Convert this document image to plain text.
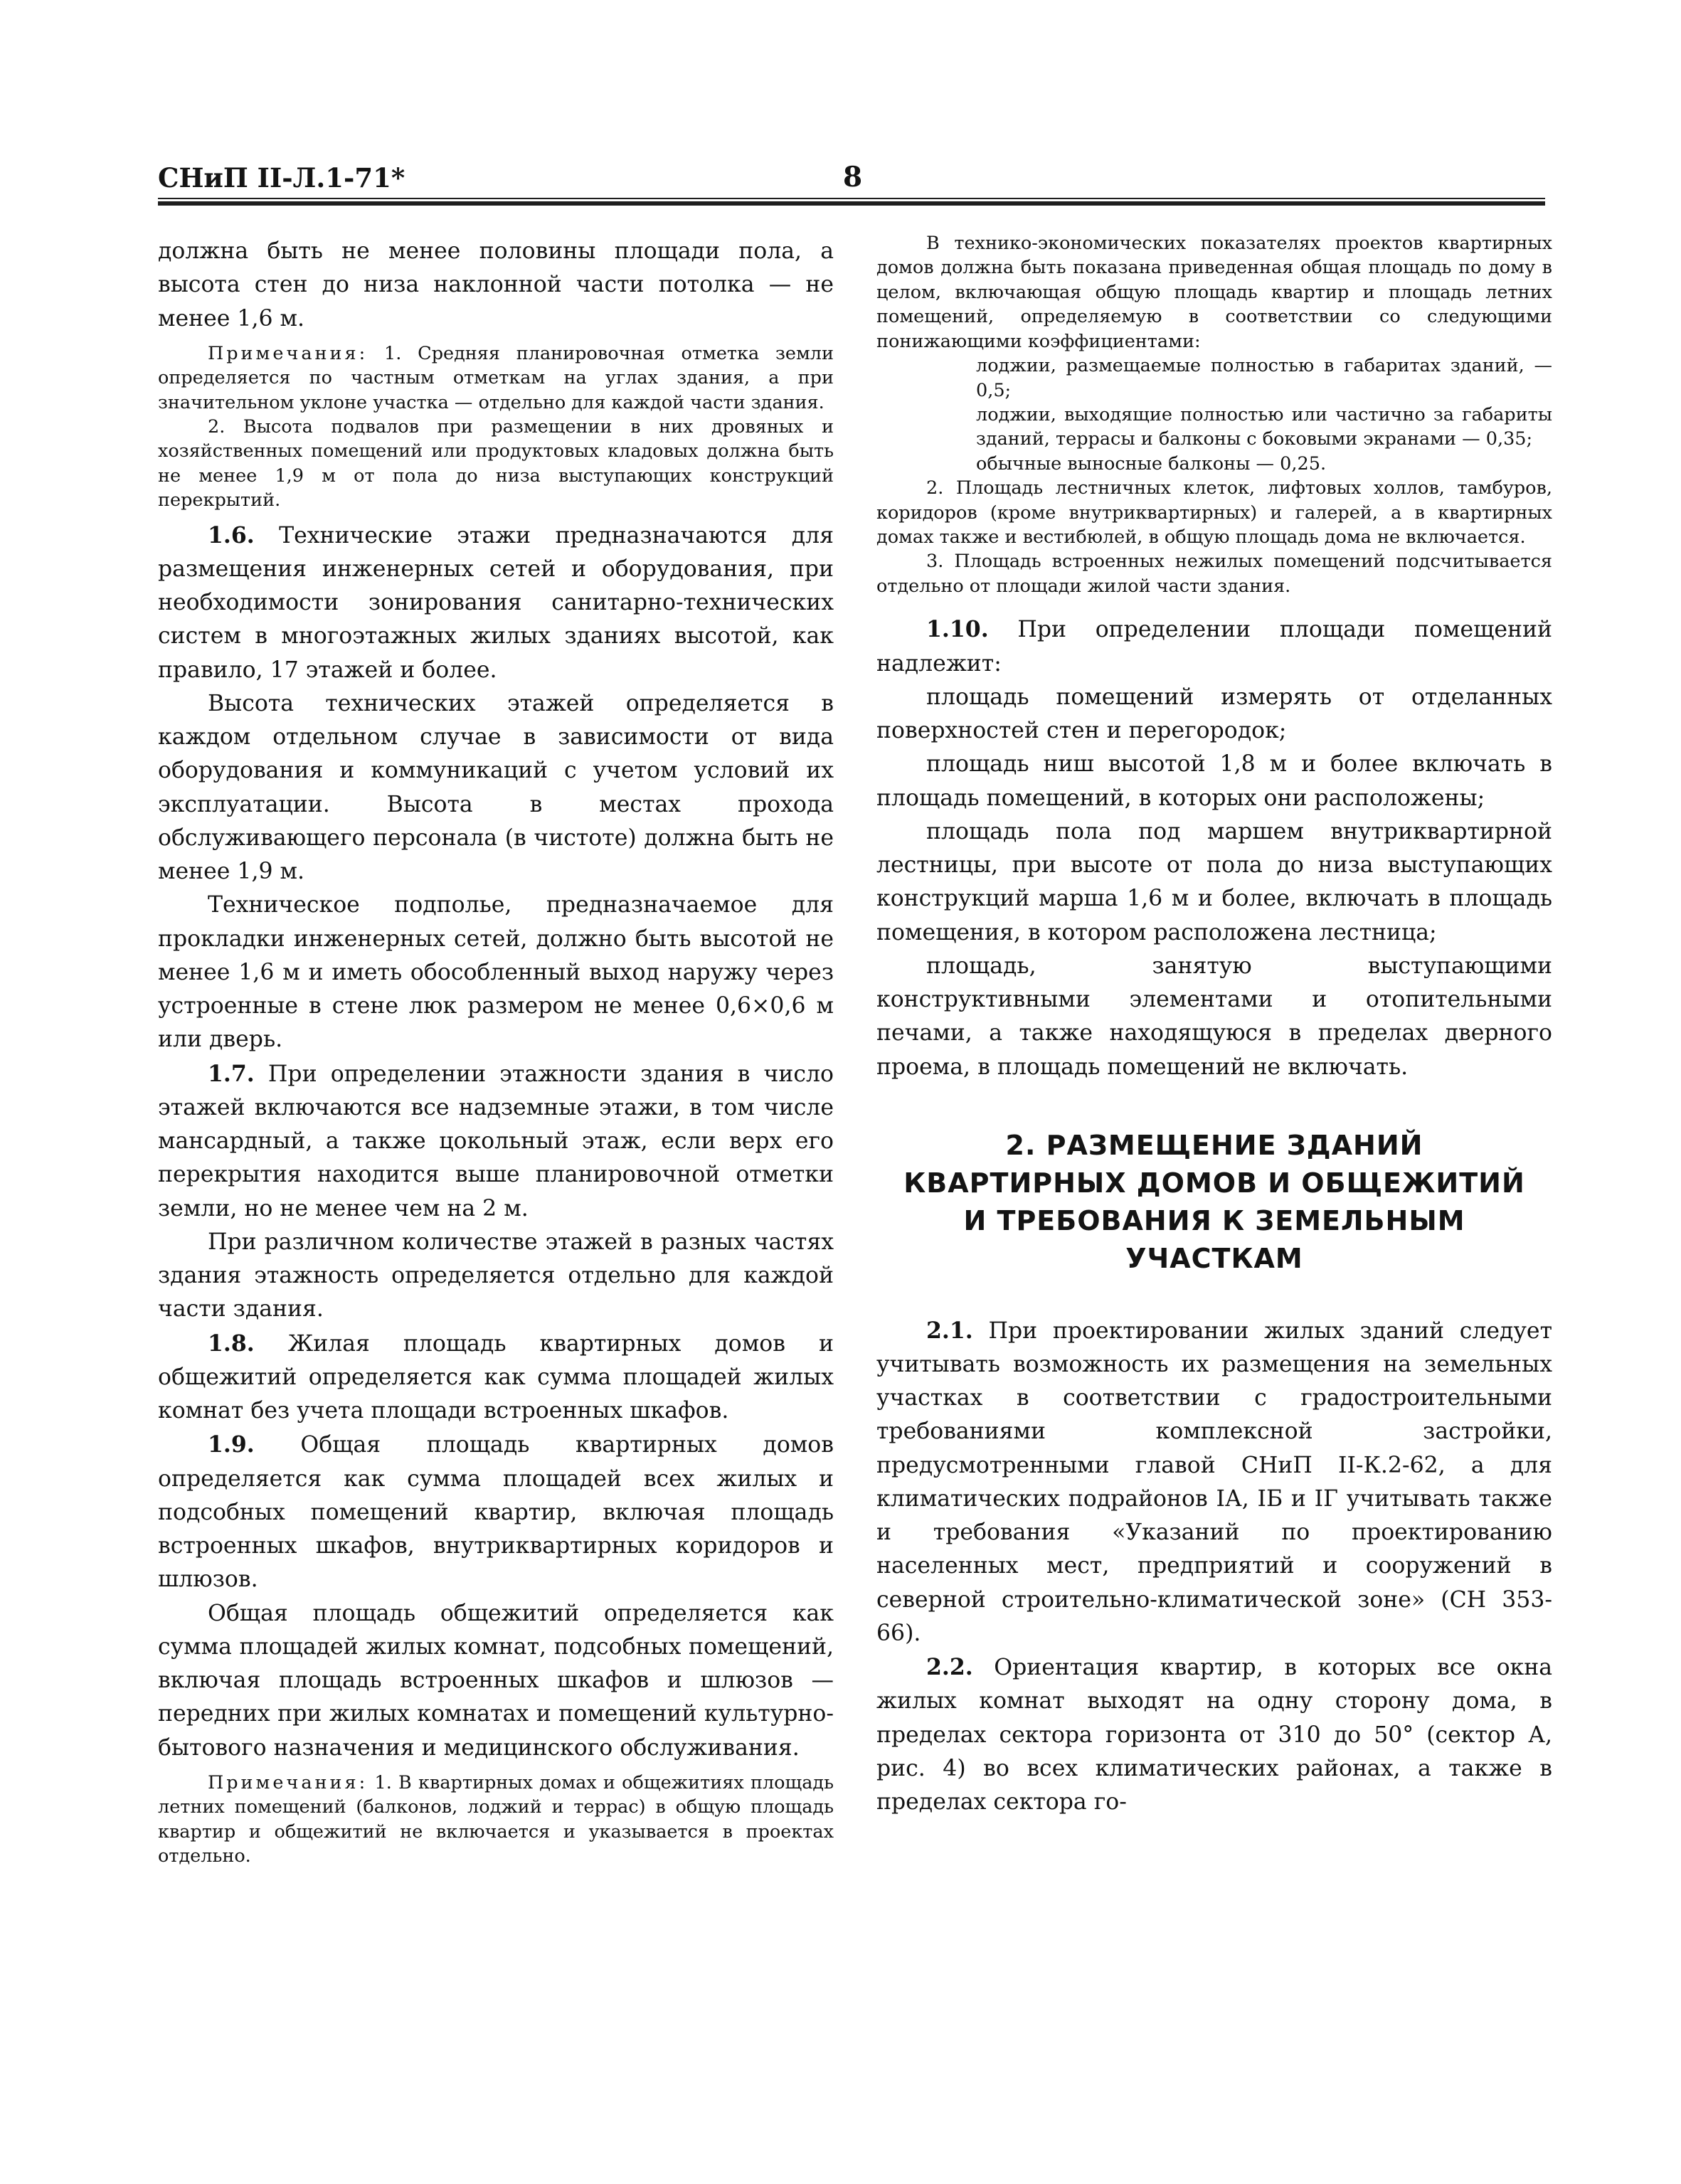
СНиП II-Л.1-71*	8

должна быть не менее половины площади пола, а высота стен до низа наклонной части потолка — не менее 1,6 м.

Примечания: 1. Средняя планировочная отметка земли определяется по частным отметкам на углах здания, а при значительном уклоне участка — отдельно для каждой части здания.

2. Высота подвалов при размещении в них дровяных и хозяйственных помещений или продуктовых кладовых должна быть не менее 1,9 м от пола до низа выступающих конструкций перекрытий.

1.6. Технические этажи предназначаются для размещения инженерных сетей и оборудования, при необходимости зонирования санитарно-технических систем в многоэтажных жилых зданиях высотой, как правило, 17 этажей и более.

Высота технических этажей определяется в каждом отдельном случае в зависимости от вида оборудования и коммуникаций с учетом условий их эксплуатации. Высота в местах прохода обслуживающего персонала (в чистоте) должна быть не менее 1,9 м.

Техническое подполье, предназначаемое для прокладки инженерных сетей, должно быть высотой не менее 1,6 м и иметь обособленный выход наружу через устроенные в стене люк размером не менее 0,6×0,6 м или дверь.

1.7. При определении этажности здания в число этажей включаются все надземные этажи, в том числе мансардный, а также цокольный этаж, если верх его перекрытия находится выше планировочной отметки земли, но не менее чем на 2 м.

При различном количестве этажей в разных частях здания этажность определяется отдельно для каждой части здания.

1.8. Жилая площадь квартирных домов и общежитий определяется как сумма площадей жилых комнат без учета площади встроенных шкафов.

1.9. Общая площадь квартирных домов определяется как сумма площадей всех жилых и подсобных помещений квартир, включая площадь встроенных шкафов, внутриквартирных коридоров и шлюзов.

Общая площадь общежитий определяется как сумма площадей жилых комнат, подсобных помещений, включая площадь встроенных шкафов и шлюзов — передних при жилых комнатах и помещений культурно-бытового назначения и медицинского обслуживания.

Примечания: 1. В квартирных домах и общежитиях площадь летних помещений (балконов, лоджий и террас) в общую площадь квартир и общежитий не включается и указывается в проектах отдельно.

В технико-экономических показателях проектов квартирных домов должна быть показана приведенная общая площадь по дому в целом, включающая общую площадь квартир и площадь летних помещений, определяемую в соответствии со следующими понижающими коэффициентами:

лоджии, размещаемые полностью в габаритах зданий, — 0,5;

лоджии, выходящие полностью или частично за габариты зданий, террасы и балконы с боковыми экранами — 0,35;

обычные выносные балконы — 0,25.

2. Площадь лестничных клеток, лифтовых холлов, тамбуров, коридоров (кроме внутриквартирных) и галерей, а в квартирных домах также и вестибюлей, в общую площадь дома не включается.

3. Площадь встроенных нежилых помещений подсчитывается отдельно от площади жилой части здания.

1.10. При определении площади помещений надлежит:

площадь помещений измерять от отделанных поверхностей стен и перегородок;

площадь ниш высотой 1,8 м и более включать в площадь помещений, в которых они расположены;

площадь пола под маршем внутриквартирной лестницы, при высоте от пола до низа выступающих конструкций марша 1,6 м и более, включать в площадь помещения, в котором расположена лестница;

площадь, занятую выступающими конструктивными элементами и отопительными печами, а также находящуюся в пределах дверного проема, в площадь помещений не включать.

2. РАЗМЕЩЕНИЕ ЗДАНИЙ
КВАРТИРНЫХ ДОМОВ И ОБЩЕЖИТИЙ
И ТРЕБОВАНИЯ К ЗЕМЕЛЬНЫМ
УЧАСТКАМ

2.1. При проектировании жилых зданий следует учитывать возможность их размещения на земельных участках в соответствии с градостроительными требованиями комплексной застройки, предусмотренными главой СНиП II-К.2-62, а для климатических подрайонов IА, IБ и IГ учитывать также и требования «Указаний по проектированию населенных мест, предприятий и сооружений в северной строительно-климатической зоне» (СН 353-66).

2.2. Ориентация квартир, в которых все окна жилых комнат выходят на одну сторону дома, в пределах сектора горизонта от 310 до 50° (сектор А, рис. 4) во всех климатических районах, а также в пределах сектора го-
